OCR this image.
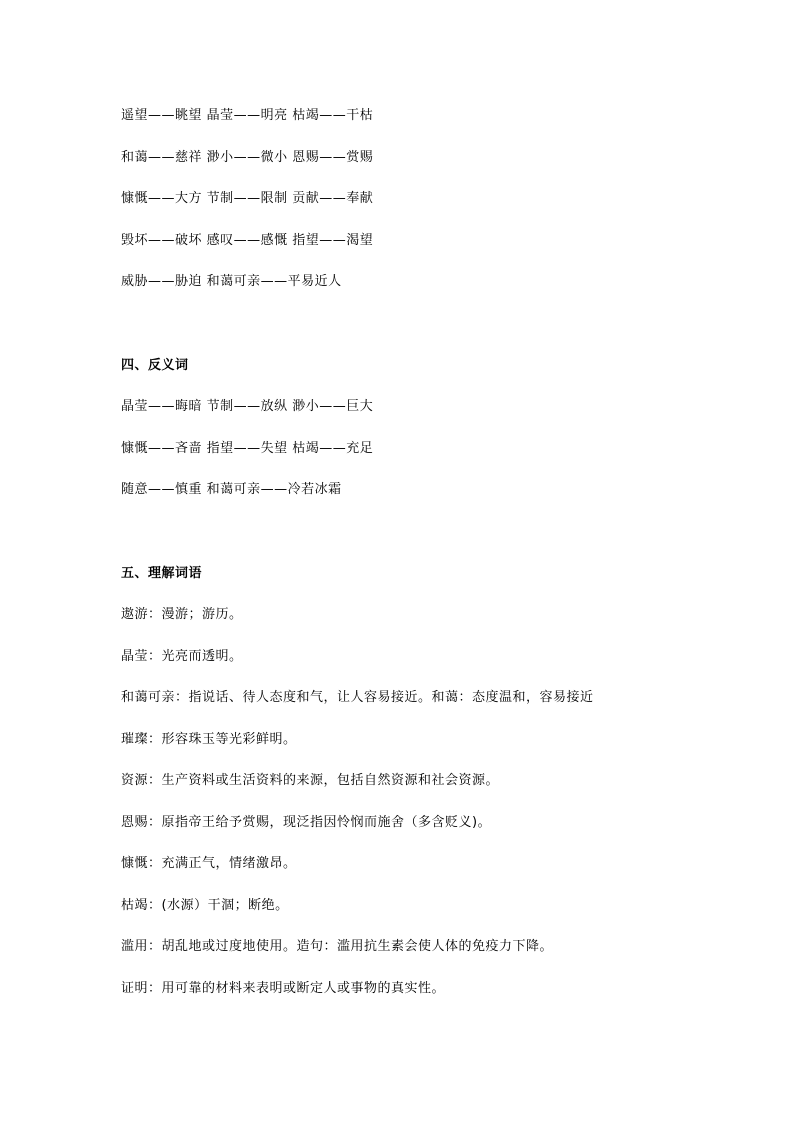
遥望——眺望 晶莹——明亮 枯竭——干枯
和蔼——慈祥 渺小——微小 恩赐——赏赐
慷慨——大方 节制——限制 贡献——奉献
毁坏——破坏 感叹——感慨 指望——渴望
威胁——胁迫 和蔼可亲——平易近人
四、反义词
晶莹——晦暗 节制——放纵 渺小——巨大
慷慨——吝啬 指望——失望 枯竭——充足
随意——慎重 和蔼可亲——冷若冰霜
五、理解词语
遨游：漫游；游历。
晶莹：光亮而透明。
和蔼可亲：指说话、待人态度和气，让人容易接近。和蔼：态度温和，容易接近
璀璨：形容珠玉等光彩鲜明。
资源：生产资料或生活资料的来源，包括自然资源和社会资源。
恩赐：原指帝王给予赏赐，现泛指因怜悯而施舍（多含贬义)。
慷慨：充满正气，情绪激昂。
枯竭：(水源）干涸；断绝。
滥用：胡乱地或过度地使用。造句：滥用抗生素会使人体的免疫力下降。
证明：用可靠的材料来表明或断定人或事物的真实性。
